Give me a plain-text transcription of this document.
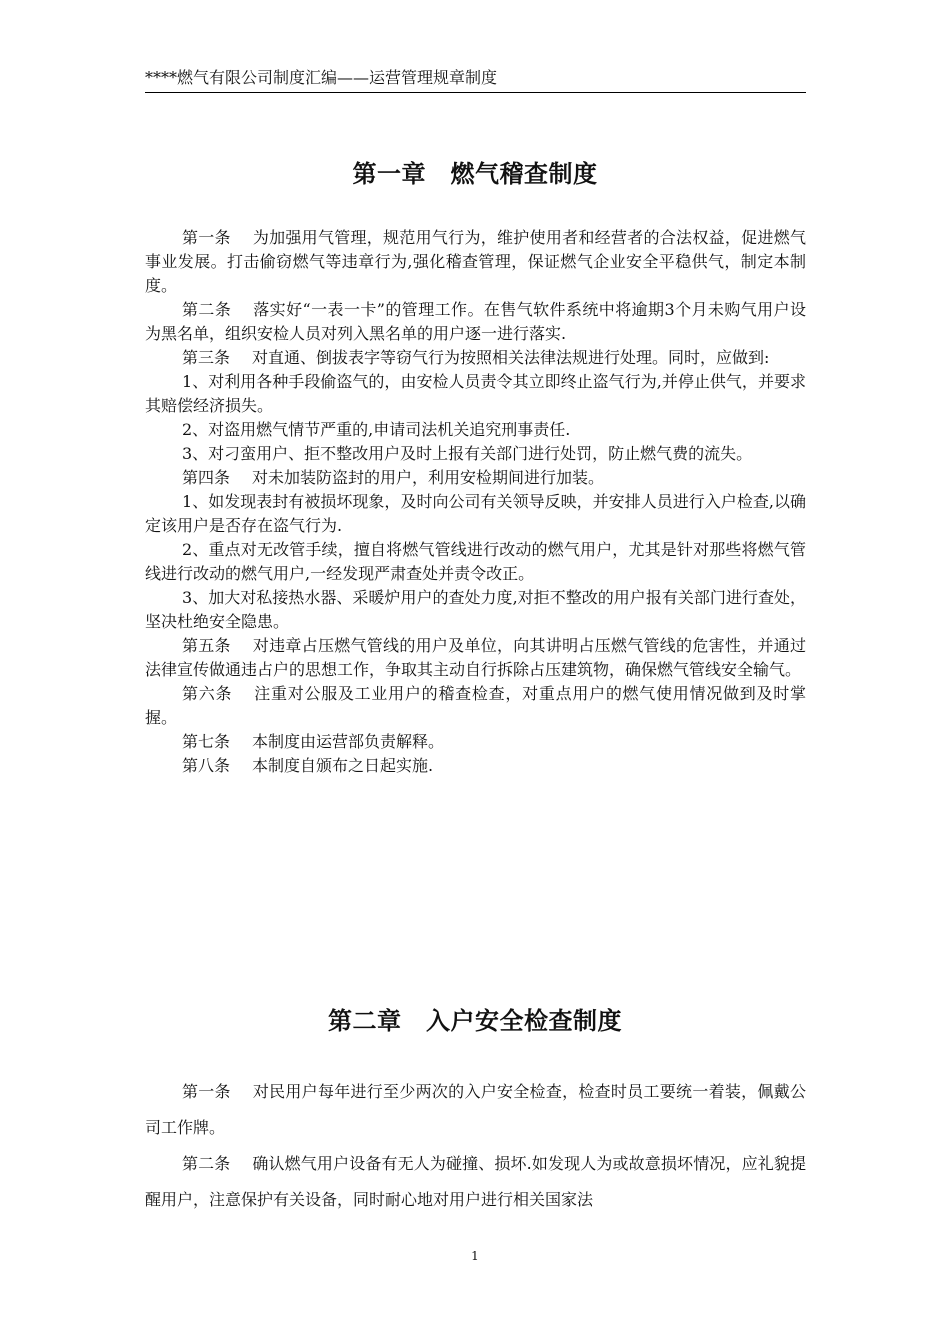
****燃气有限公司制度汇编——运营管理规章制度
第一章　燃气稽查制度

第一条 为加强用气管理，规范用气行为，维护使用者和经营者的合法权益，促进燃气事业发展。打击偷窃燃气等违章行为,强化稽查管理，保证燃气企业安全平稳供气，制定本制度。

第二条 落实好“一表一卡”的管理工作。在售气软件系统中将逾期3个月未购气用户设为黑名单，组织安检人员对列入黑名单的用户逐一进行落实.

第三条 对直通、倒拔表字等窃气行为按照相关法律法规进行处理。同时，应做到:

1、对利用各种手段偷盗气的，由安检人员责令其立即终止盗气行为,并停止供气，并要求其赔偿经济损失。

2、对盗用燃气情节严重的,申请司法机关追究刑事责任.

3、对刁蛮用户、拒不整改用户及时上报有关部门进行处罚，防止燃气费的流失。

第四条 对未加装防盗封的用户，利用安检期间进行加装。

1、如发现表封有被损坏现象，及时向公司有关领导反映，并安排人员进行入户检查,以确定该用户是否存在盗气行为.

2、重点对无改管手续，擅自将燃气管线进行改动的燃气用户，尤其是针对那些将燃气管线进行改动的燃气用户,一经发现严肃查处并责令改正。

3、加大对私接热水器、采暖炉用户的查处力度,对拒不整改的用户报有关部门进行查处，坚决杜绝安全隐患。

第五条 对违章占压燃气管线的用户及单位，向其讲明占压燃气管线的危害性，并通过法律宣传做通违占户的思想工作，争取其主动自行拆除占压建筑物，确保燃气管线安全输气。

第六条 注重对公服及工业用户的稽查检查，对重点用户的燃气使用情况做到及时掌握。

第七条 本制度由运营部负责解释。

第八条 本制度自颁布之日起实施.

第二章　入户安全检查制度

第一条 对民用户每年进行至少两次的入户安全检查，检查时员工要统一着装，佩戴公司工作牌。

第二条 确认燃气用户设备有无人为碰撞、损坏.如发现人为或故意损坏情况，应礼貌提醒用户，注意保护有关设备，同时耐心地对用户进行相关国家法

1
